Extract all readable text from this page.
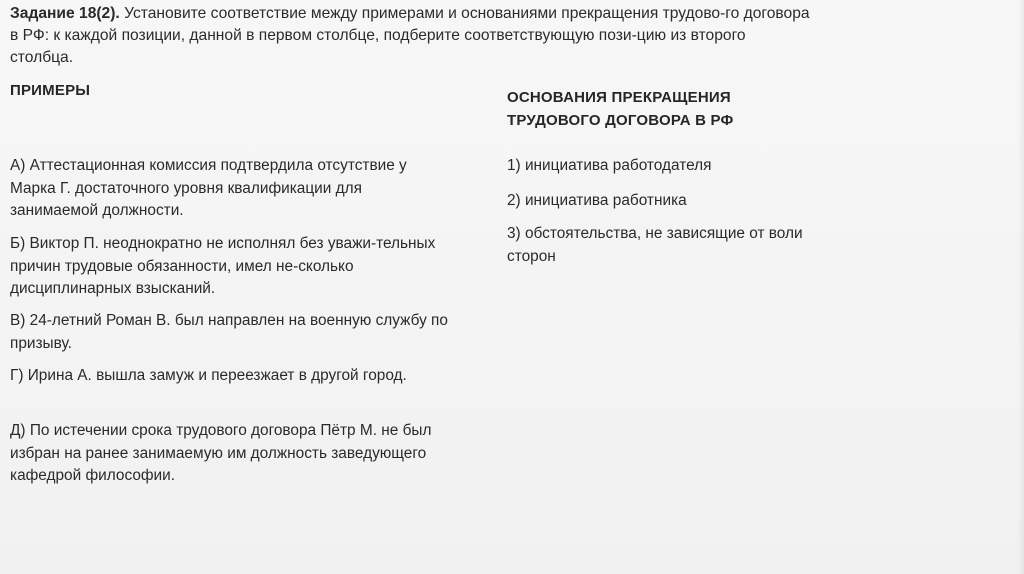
Задание 18(2). Установите соответствие между примерами и основаниями прекращения трудово-го договора в РФ: к каждой позиции, данной в первом столбце, подберите соответствующую пози-цию из второго столбца.
ПРИМЕРЫ	ОСНОВАНИЯ ПРЕКРАЩЕНИЯ ТРУДОВОГО ДОГОВОРА В РФ
А) Аттестационная комиссия подтвердила отсутствие у Марка Г. достаточного уровня квалификации для занимаемой должности.
Б) Виктор П. неоднократно не исполнял без уважи-тельных причин трудовые обязанности, имел не-сколько дисциплинарных взысканий.
В) 24-летний Роман В. был направлен на военную службу по призыву.
Г) Ирина А. вышла замуж и переезжает в другой город.
Д) По истечении срока трудового договора Пётр М. не был избран на ранее занимаемую им должность заведующего кафедрой философии.
1) инициатива работодателя
2) инициатива работника
3) обстоятельства, не зависящие от воли сторон
